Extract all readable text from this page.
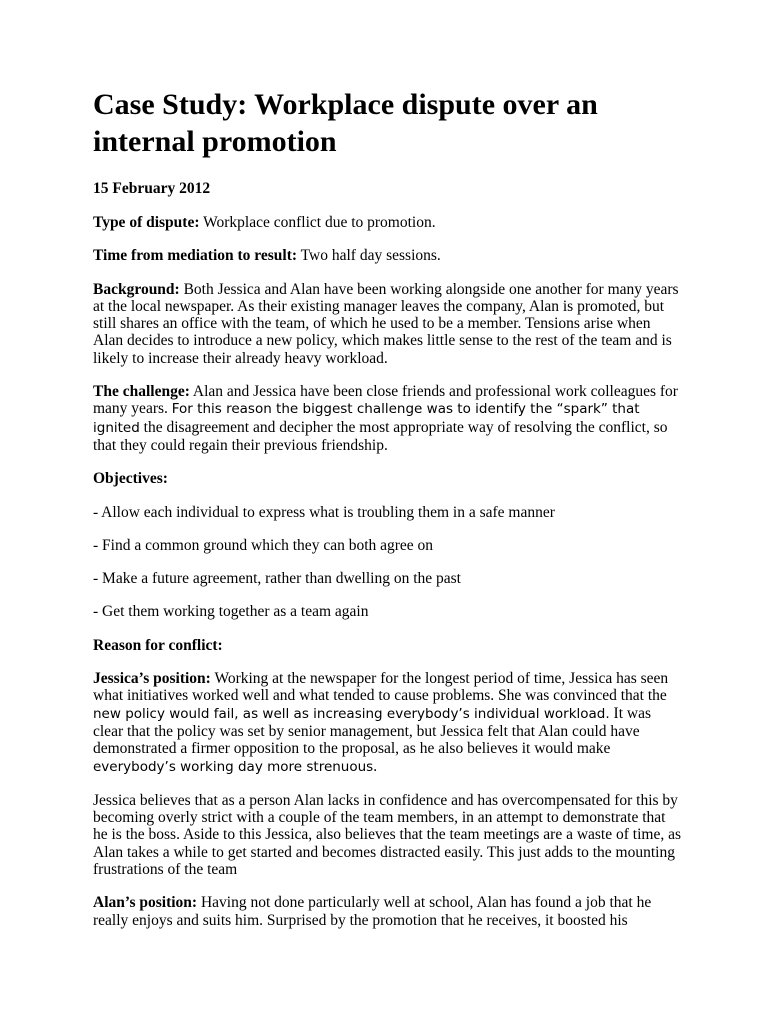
Case Study: Workplace dispute over an internal promotion

15 February 2012

Type of dispute: Workplace conflict due to promotion.

Time from mediation to result: Two half day sessions.

Background: Both Jessica and Alan have been working alongside one another for many years at the local newspaper. As their existing manager leaves the company, Alan is promoted, but still shares an office with the team, of which he used to be a member. Tensions arise when Alan decides to introduce a new policy, which makes little sense to the rest of the team and is likely to increase their already heavy workload.

The challenge: Alan and Jessica have been close friends and professional work colleagues for many years. For this reason the biggest challenge was to identify the “spark” that ignited the disagreement and decipher the most appropriate way of resolving the conflict, so that they could regain their previous friendship.

Objectives:

- Allow each individual to express what is troubling them in a safe manner

- Find a common ground which they can both agree on

- Make a future agreement, rather than dwelling on the past

- Get them working together as a team again

Reason for conflict:

Jessica’s position: Working at the newspaper for the longest period of time, Jessica has seen what initiatives worked well and what tended to cause problems. She was convinced that the new policy would fail, as well as increasing everybody’s individual workload. It was clear that the policy was set by senior management, but Jessica felt that Alan could have demonstrated a firmer opposition to the proposal, as he also believes it would make everybody’s working day more strenuous.

Jessica believes that as a person Alan lacks in confidence and has overcompensated for this by becoming overly strict with a couple of the team members, in an attempt to demonstrate that he is the boss. Aside to this Jessica, also believes that the team meetings are a waste of time, as Alan takes a while to get started and becomes distracted easily. This just adds to the mounting frustrations of the team

Alan’s position: Having not done particularly well at school, Alan has found a job that he really enjoys and suits him. Surprised by the promotion that he receives, it boosted his
